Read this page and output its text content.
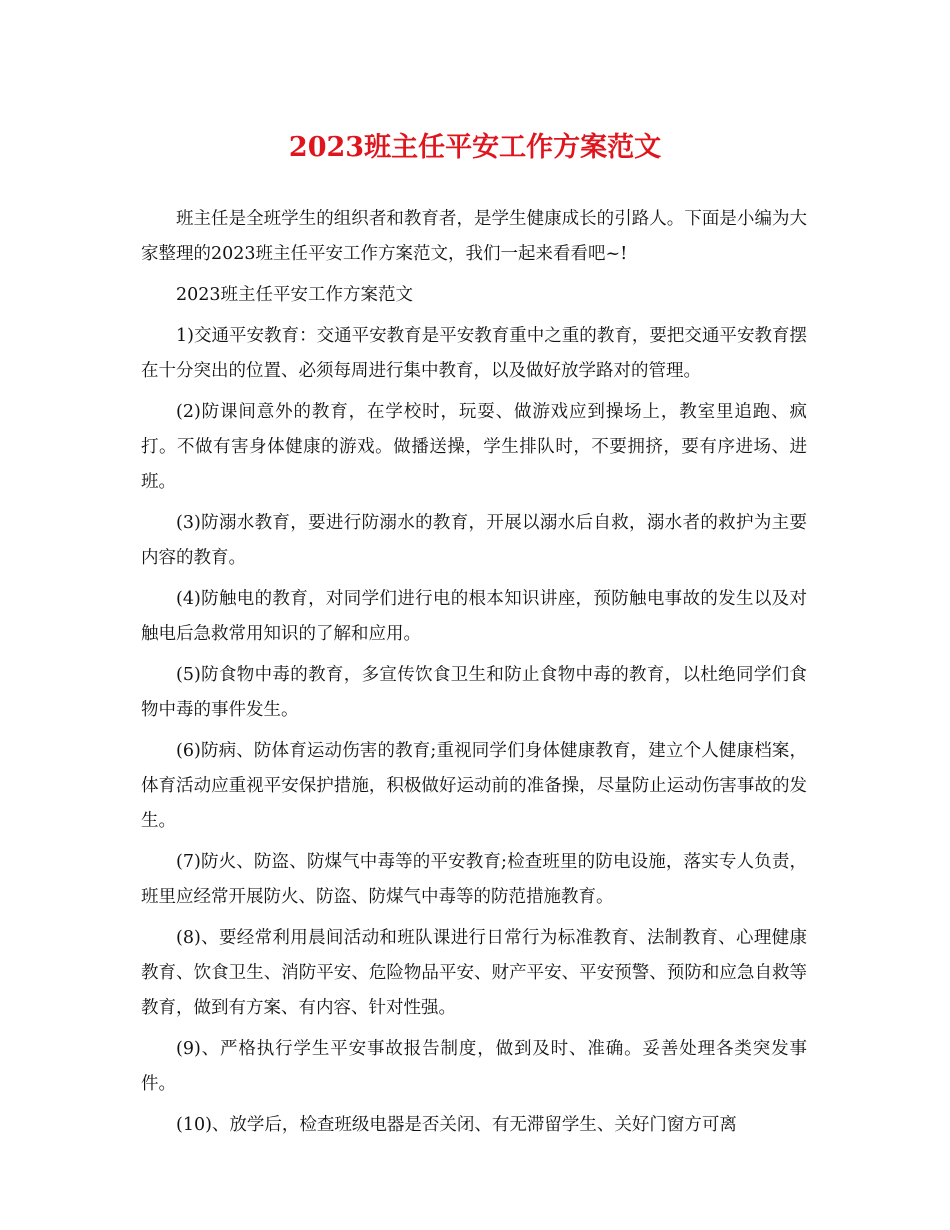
2023班主任平安工作方案范文

班主任是全班学生的组织者和教育者，是学生健康成长的引路人。下面是小编为大家整理的2023班主任平安工作方案范文，我们一起来看看吧~!

2023班主任平安工作方案范文

1)交通平安教育：交通平安教育是平安教育重中之重的教育，要把交通平安教育摆在十分突出的位置、必须每周进行集中教育，以及做好放学路对的管理。

(2)防课间意外的教育，在学校时，玩耍、做游戏应到操场上，教室里追跑、疯打。不做有害身体健康的游戏。做播送操，学生排队时，不要拥挤，要有序进场、进班。

(3)防溺水教育，要进行防溺水的教育，开展以溺水后自救，溺水者的救护为主要内容的教育。

(4)防触电的教育，对同学们进行电的根本知识讲座，预防触电事故的发生以及对触电后急救常用知识的了解和应用。

(5)防食物中毒的教育，多宣传饮食卫生和防止食物中毒的教育，以杜绝同学们食物中毒的事件发生。

(6)防病、防体育运动伤害的教育;重视同学们身体健康教育，建立个人健康档案，体育活动应重视平安保护措施，积极做好运动前的准备操，尽量防止运动伤害事故的发生。

(7)防火、防盗、防煤气中毒等的平安教育;检查班里的防电设施，落实专人负责，班里应经常开展防火、防盗、防煤气中毒等的防范措施教育。

(8)、要经常利用晨间活动和班队课进行日常行为标准教育、法制教育、心理健康教育、饮食卫生、消防平安、危险物品平安、财产平安、平安预警、预防和应急自救等教育，做到有方案、有内容、针对性强。

(9)、严格执行学生平安事故报告制度，做到及时、准确。妥善处理各类突发事件。

(10)、放学后，检查班级电器是否关闭、有无滞留学生、关好门窗方可离
